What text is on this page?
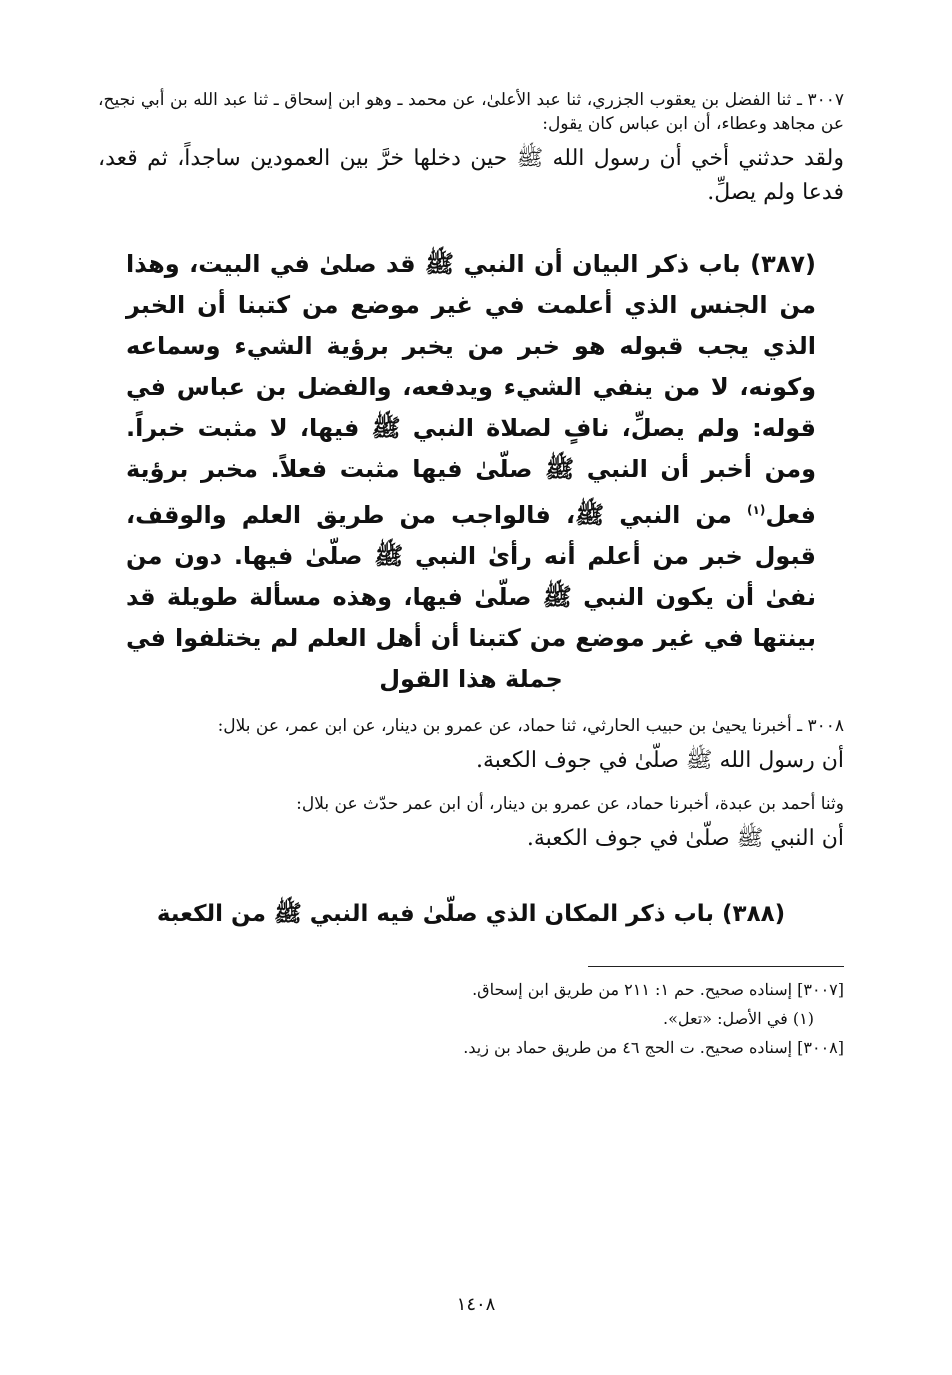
٣٠٠٧ ـ ثنا الفضل بن يعقوب الجزري، ثنا عبد الأعلىٰ، عن محمد ـ وهو ابن إسحاق ـ ثنا عبد الله بن أبي نجيح، عن مجاهد وعطاء، أن ابن عباس كان يقول:

ولقد حدثني أخي أن رسول الله ﷺ حين دخلها خرَّ بين العمودين ساجداً، ثم قعد، فدعا ولم يصلِّ.

(٣٨٧) باب ذكر البيان أن النبي ﷺ قد صلىٰ في البيت، وهذا من الجنس الذي أعلمت في غير موضع من كتبنا أن الخبر الذي يجب قبوله هو خبر من يخبر برؤية الشيء وسماعه وكونه، لا من ينفي الشيء ويدفعه، والفضل بن عباس في قوله: ولم يصلِّ، نافٍ لصلاة النبي ﷺ فيها، لا مثبت خبراً. ومن أخبر أن النبي ﷺ صلّىٰ فيها مثبت فعلاً. مخبر برؤية فعل$^{(١)}$ من النبي ﷺ، فالواجب من طريق العلم والوقف، قبول خبر من أعلم أنه رأىٰ النبي ﷺ صلّىٰ فيها. دون من نفىٰ أن يكون النبي ﷺ صلّىٰ فيها، وهذه مسألة طويلة قد بينتها في غير موضع من كتبنا أن أهل العلم لم يختلفوا في جملة هذا القول

٣٠٠٨ ـ أخبرنا يحيىٰ بن حبيب الحارثي، ثنا حماد، عن عمرو بن دينار، عن ابن عمر، عن بلال:

أن رسول الله ﷺ صلّىٰ في جوف الكعبة.

وثنا أحمد بن عبدة، أخبرنا حماد، عن عمرو بن دينار، أن ابن عمر حدّث عن بلال:

أن النبي ﷺ صلّىٰ في جوف الكعبة.

(٣٨٨) باب ذكر المكان الذي صلّىٰ فيه النبي ﷺ من الكعبة

[٣٠٠٧] إسناده صحيح. حم ١: ٢١١ من طريق ابن إسحاق.

(١) في الأصل: «تعل».

[٣٠٠٨] إسناده صحيح. ت الحج ٤٦ من طريق حماد بن زيد.

١٤٠٨
